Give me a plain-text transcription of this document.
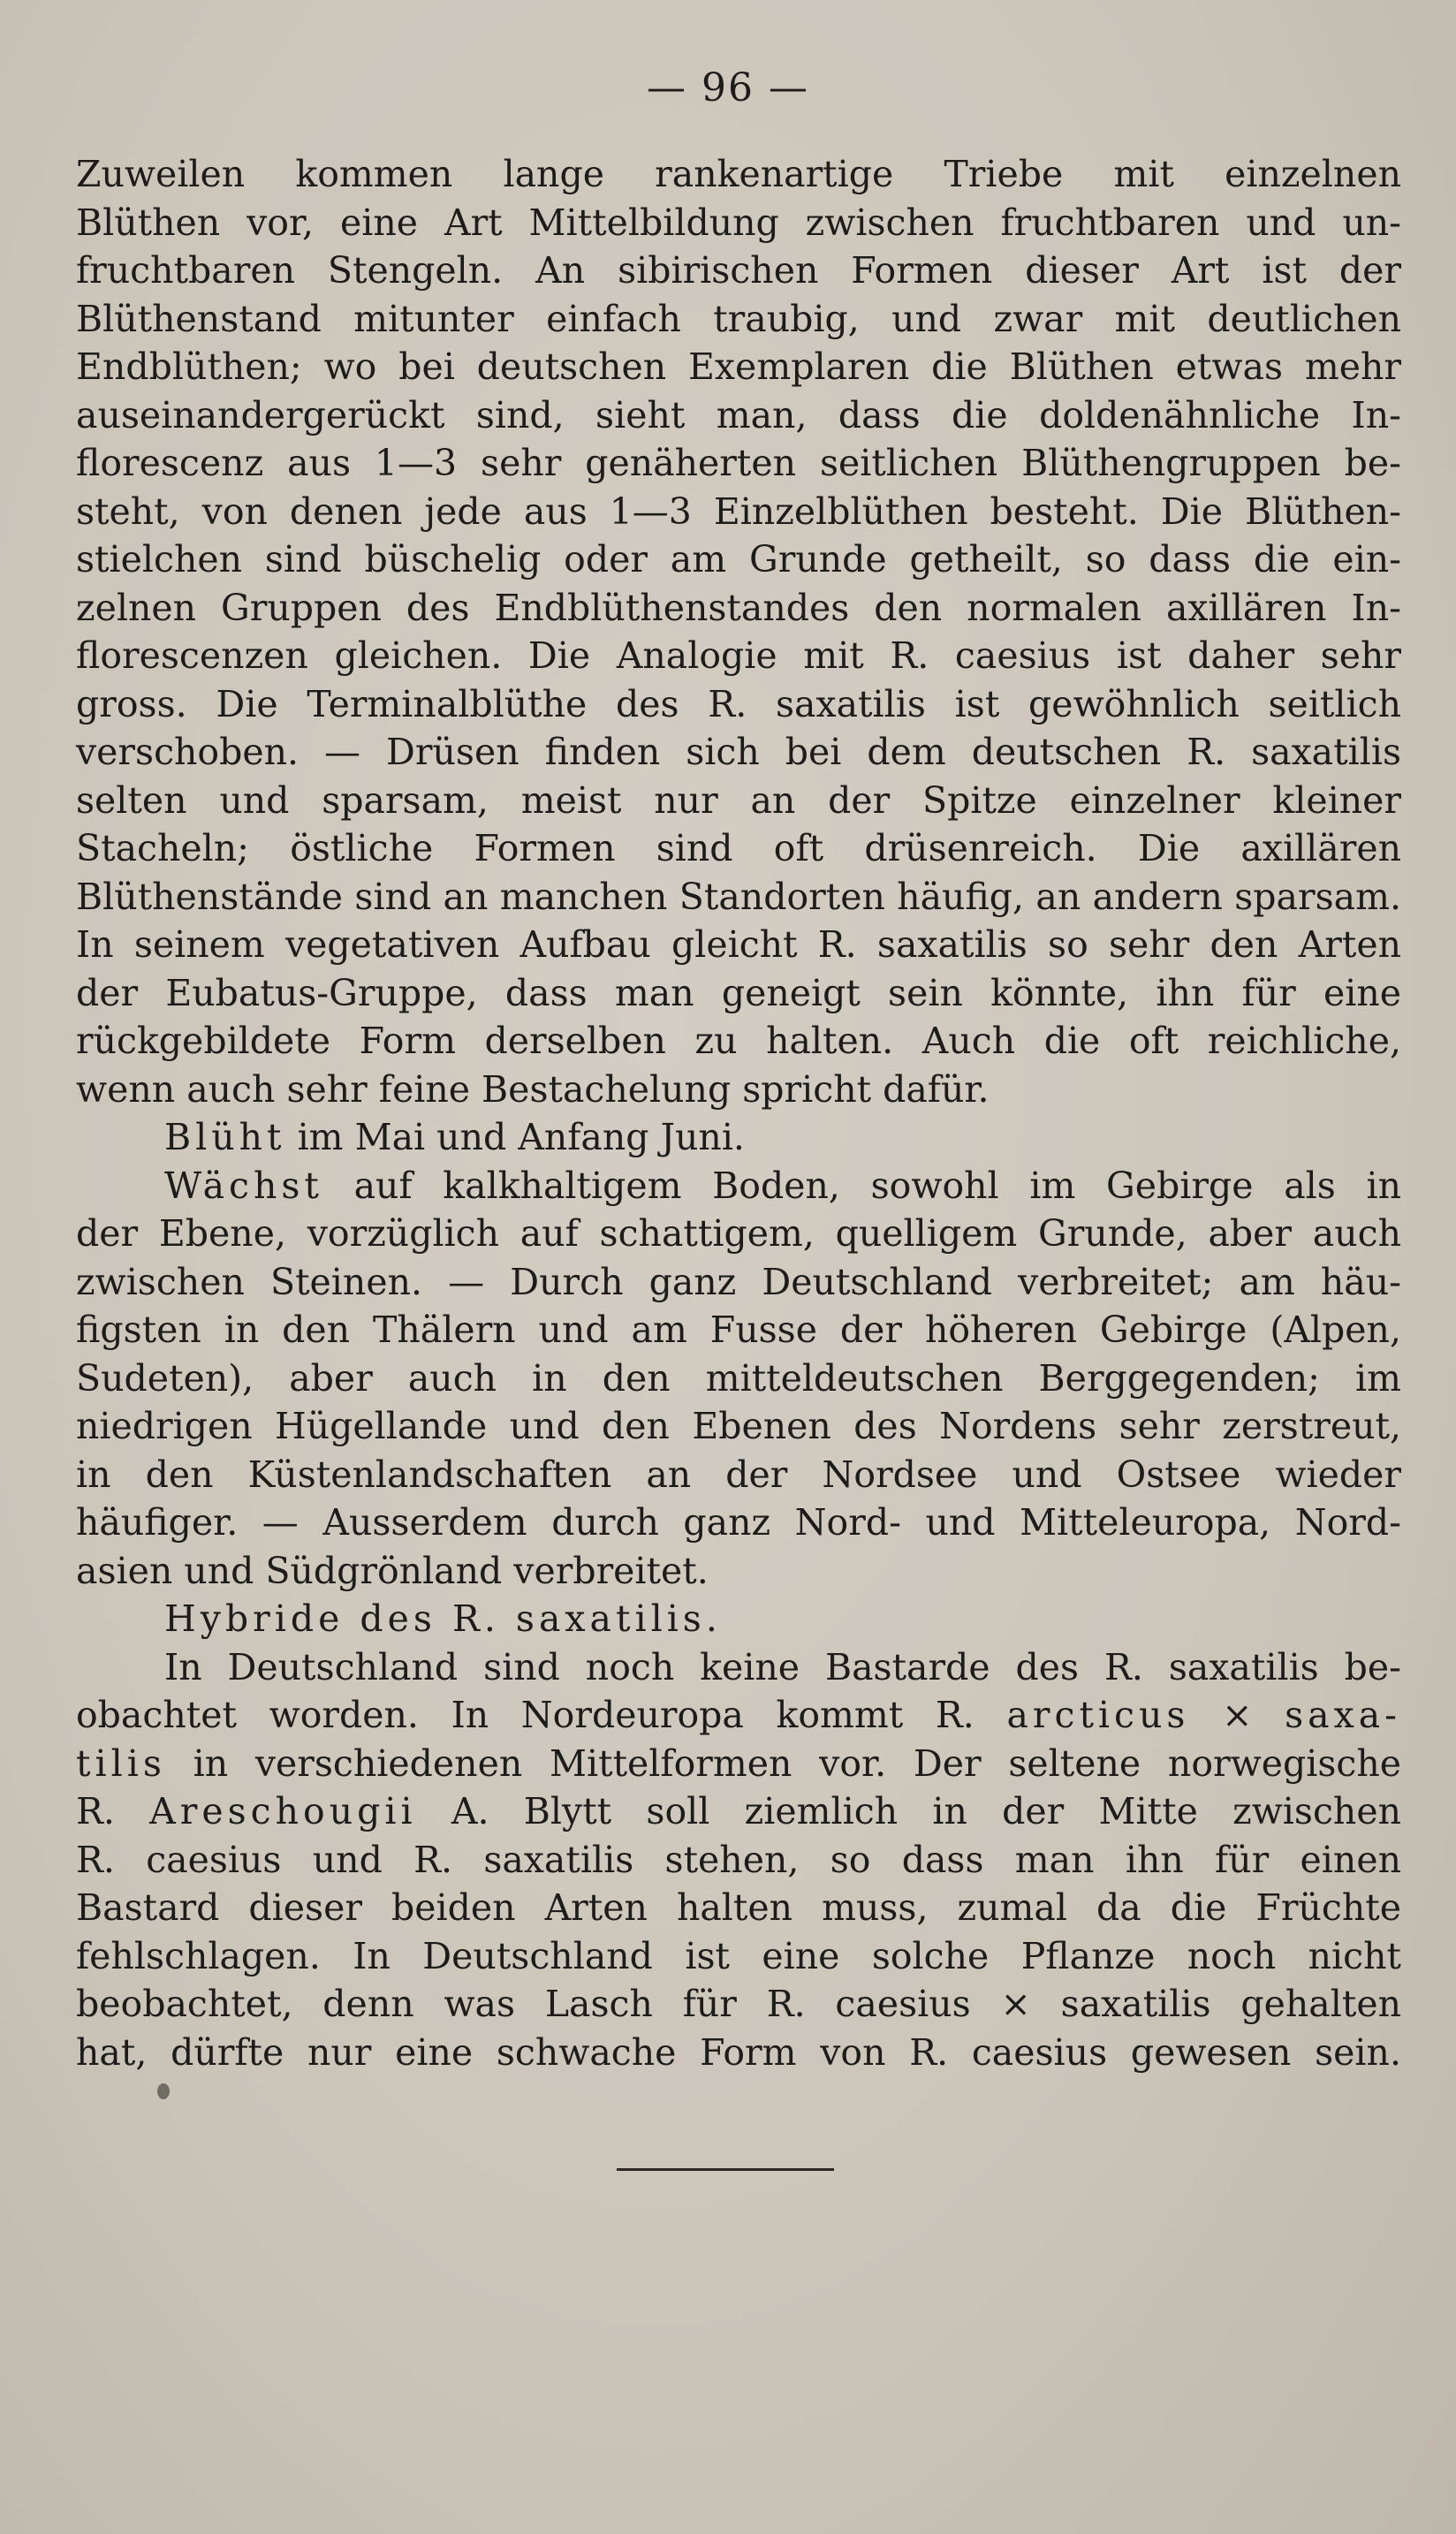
— 96 —
Zuweilen kommen lange rankenartige Triebe mit einzelnen
Blüthen vor, eine Art Mittelbildung zwischen fruchtbaren und un-
fruchtbaren Stengeln. An sibirischen Formen dieser Art ist der
Blüthenstand mitunter einfach traubig, und zwar mit deutlichen
Endblüthen; wo bei deutschen Exemplaren die Blüthen etwas mehr
auseinandergerückt sind, sieht man, dass die doldenähnliche In-
florescenz aus 1—3 sehr genäherten seitlichen Blüthengruppen be-
steht, von denen jede aus 1—3 Einzelblüthen besteht. Die Blüthen-
stielchen sind büschelig oder am Grunde getheilt, so dass die ein-
zelnen Gruppen des Endblüthenstandes den normalen axillären In-
florescenzen gleichen. Die Analogie mit R. caesius ist daher sehr
gross. Die Terminalblüthe des R. saxatilis ist gewöhnlich seitlich
verschoben. — Drüsen finden sich bei dem deutschen R. saxatilis
selten und sparsam, meist nur an der Spitze einzelner kleiner
Stacheln; östliche Formen sind oft drüsenreich. Die axillären
Blüthenstände sind an manchen Standorten häufig, an andern sparsam.
In seinem vegetativen Aufbau gleicht R. saxatilis so sehr den Arten
der Eubatus-Gruppe, dass man geneigt sein könnte, ihn für eine
rückgebildete Form derselben zu halten. Auch die oft reichliche,
wenn auch sehr feine Bestachelung spricht dafür.
Blüht im Mai und Anfang Juni.
Wächst auf kalkhaltigem Boden, sowohl im Gebirge als in
der Ebene, vorzüglich auf schattigem, quelligem Grunde, aber auch
zwischen Steinen. — Durch ganz Deutschland verbreitet; am häu-
figsten in den Thälern und am Fusse der höheren Gebirge (Alpen,
Sudeten), aber auch in den mitteldeutschen Berggegenden; im
niedrigen Hügellande und den Ebenen des Nordens sehr zerstreut,
in den Küstenlandschaften an der Nordsee und Ostsee wieder
häufiger. — Ausserdem durch ganz Nord- und Mitteleuropa, Nord-
asien und Südgrönland verbreitet.
Hybride des R. saxatilis.
In Deutschland sind noch keine Bastarde des R. saxatilis be-
obachtet worden. In Nordeuropa kommt R. arcticus × saxa-
tilis in verschiedenen Mittelformen vor. Der seltene norwegische
R. Areschougii A. Blytt soll ziemlich in der Mitte zwischen
R. caesius und R. saxatilis stehen, so dass man ihn für einen
Bastard dieser beiden Arten halten muss, zumal da die Früchte
fehlschlagen. In Deutschland ist eine solche Pflanze noch nicht
beobachtet, denn was Lasch für R. caesius × saxatilis gehalten
hat, dürfte nur eine schwache Form von R. caesius gewesen sein.
